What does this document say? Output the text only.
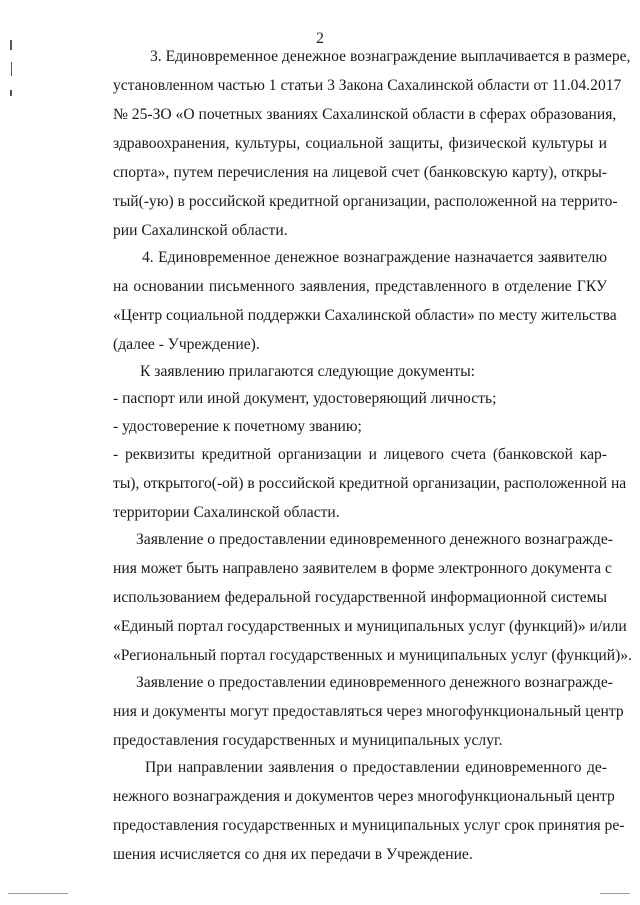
2
3. Единовременное денежное вознаграждение выплачивается в размере,
установленном частью 1 статьи 3 Закона Сахалинской области от 11.04.2017
№ 25-ЗО «О почетных званиях Сахалинской области в сферах образования,
здравоохранения, культуры, социальной защиты, физической культуры и
спорта», путем перечисления на лицевой счет (банковскую карту), откры-
тый(-ую) в российской кредитной организации, расположенной на террито-
рии Сахалинской области.
4. Единовременное денежное вознаграждение назначается заявителю
на основании письменного заявления, представленного в отделение ГКУ
«Центр социальной поддержки Сахалинской области» по месту жительства
(далее - Учреждение).
К заявлению прилагаются следующие документы:
- паспорт или иной документ, удостоверяющий личность;
- удостоверение к почетному званию;
- реквизиты кредитной организации и лицевого счета (банковской кар-
ты), открытого(-ой) в российской кредитной организации, расположенной на
территории Сахалинской области.
Заявление о предоставлении единовременного денежного вознагражде-
ния может быть направлено заявителем в форме электронного документа с
использованием федеральной государственной информационной системы
«Единый портал государственных и муниципальных услуг (функций)» и/или
«Региональный портал государственных и муниципальных услуг (функций)».
Заявление о предоставлении единовременного денежного вознагражде-
ния и документы могут предоставляться через многофункциональный центр
предоставления государственных и муниципальных услуг.
При направлении заявления о предоставлении единовременного де-
нежного вознаграждения и документов через многофункциональный центр
предоставления государственных и муниципальных услуг срок принятия ре-
шения исчисляется со дня их передачи в Учреждение.
